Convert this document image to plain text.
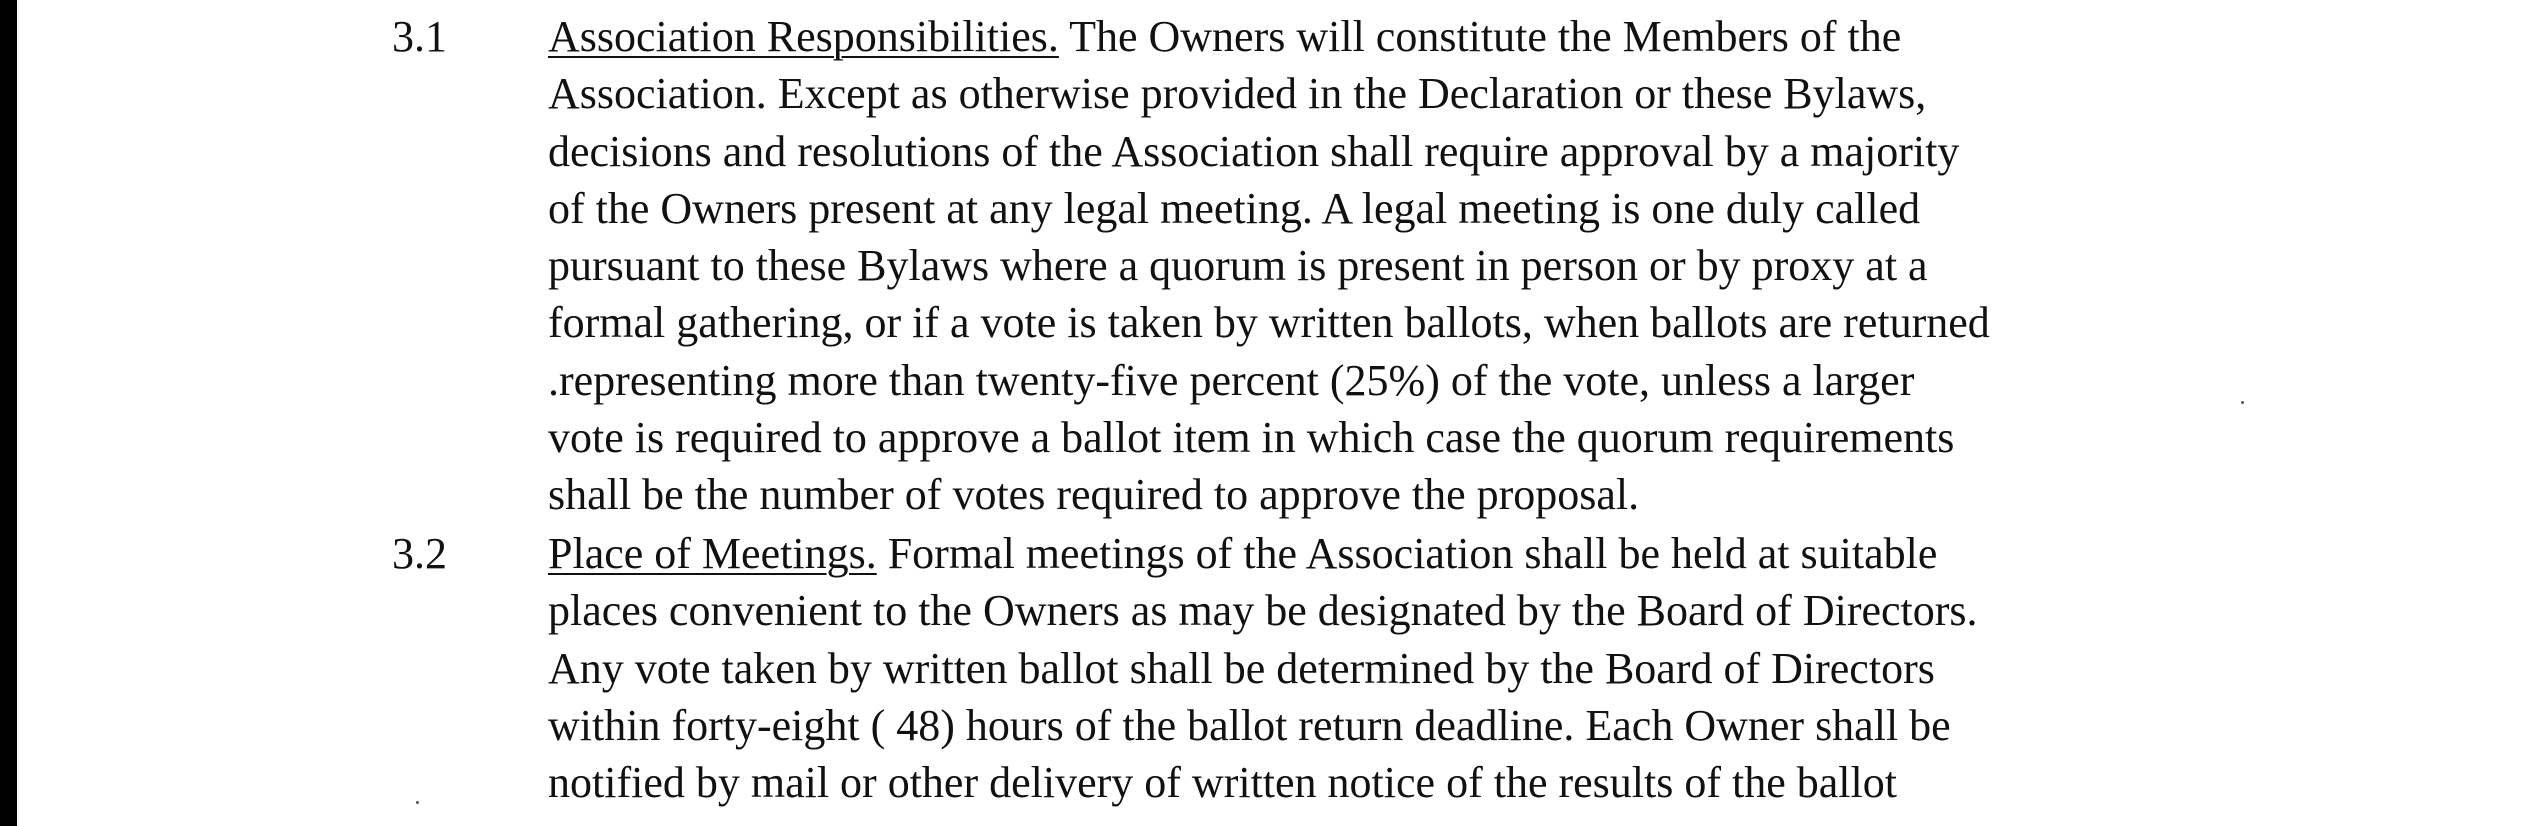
3.1 Association Responsibilities. The Owners will constitute the Members of the
Association. Except as otherwise provided in the Declaration or these Bylaws,
decisions and resolutions of the Association shall require approval by a majority
of the Owners present at any legal meeting. A legal meeting is one duly called
pursuant to these Bylaws where a quorum is present in person or by proxy at a
formal gathering, or if a vote is taken by written ballots, when ballots are returned
.representing more than twenty-five percent (25%) of the vote, unless a larger
vote is required to approve a ballot item in which case the quorum requirements
shall be the number of votes required to approve the proposal.
3.2 Place of Meetings. Formal meetings of the Association shall be held at suitable
places convenient to the Owners as may be designated by the Board of Directors.
Any vote taken by written ballot shall be determined by the Board of Directors
within forty-eight ( 48) hours of the ballot return deadline. Each Owner shall be
notified by mail or other delivery of written notice of the results of the ballot
